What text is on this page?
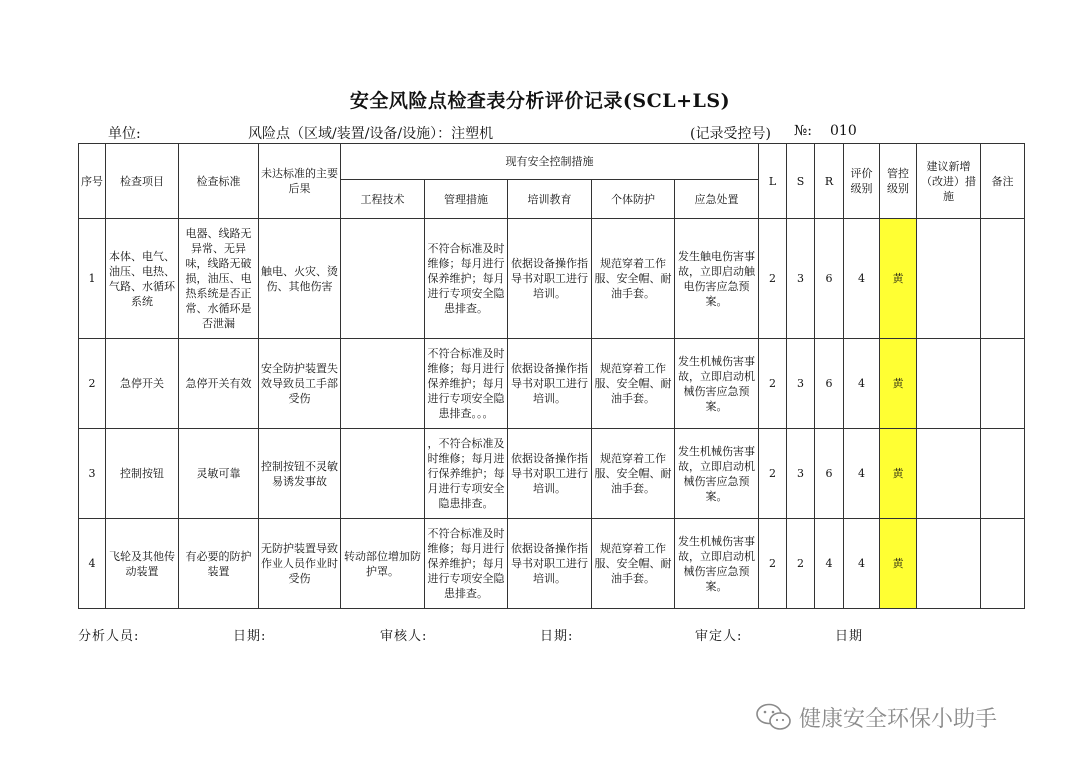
安全风险点检查表分析评价记录(SCL+LS)
单位:	风险点（区域/装置/设备/设施）：注塑机	(记录受控号) №: 010
序号	检查项目	检查标准	未达标准的主要后果	现有安全控制措施					L	S	R	评价级别	管控级别	建议新增（改进）措施	备注
				工程技术	管理措施	培训教育	个体防护	应急处置							
1	本体、电气、油压、电热、气路、水循环系统	电器、线路无异常、无异味，线路无破损，油压、电热系统是否正常、水循环是否泄漏	触电、火灾、烫伤、其他伤害		不符合标准及时维修；每月进行保养维护；每月进行专项安全隐患排查。	依据设备操作指导书对职工进行培训。	规范穿着工作服、安全帽、耐油手套。	发生触电伤害事故，立即启动触电伤害应急预案。	2	3	6	4	黄		
2	急停开关	急停开关有效	安全防护装置失效导致员工手部受伤		不符合标准及时维修；每月进行保养维护；每月进行专项安全隐患排查。。。	依据设备操作指导书对职工进行培训。	规范穿着工作服、安全帽、耐油手套。	发生机械伤害事故，立即启动机械伤害应急预案。	2	3	6	4	黄		
3	控制按钮	灵敏可靠	控制按钮不灵敏易诱发事故		，不符合标准及时维修；每月进行保养维护；每月进行专项安全隐患排查。	依据设备操作指导书对职工进行培训。	规范穿着工作服、安全帽、耐油手套。	发生机械伤害事故，立即启动机械伤害应急预案。	2	3	6	4	黄		
4	飞轮及其他传动装置	有必要的防护装置	无防护装置导致作业人员作业时受伤	转动部位增加防护罩。	不符合标准及时维修；每月进行保养维护；每月进行专项安全隐患排查。	依据设备操作指导书对职工进行培训。	规范穿着工作服、安全帽、耐油手套。	发生机械伤害事故，立即启动机械伤害应急预案。	2	2	4	4	黄		
分析人员:	日期:	审核人:	日期:	审定人:	日期
健康安全环保小助手
